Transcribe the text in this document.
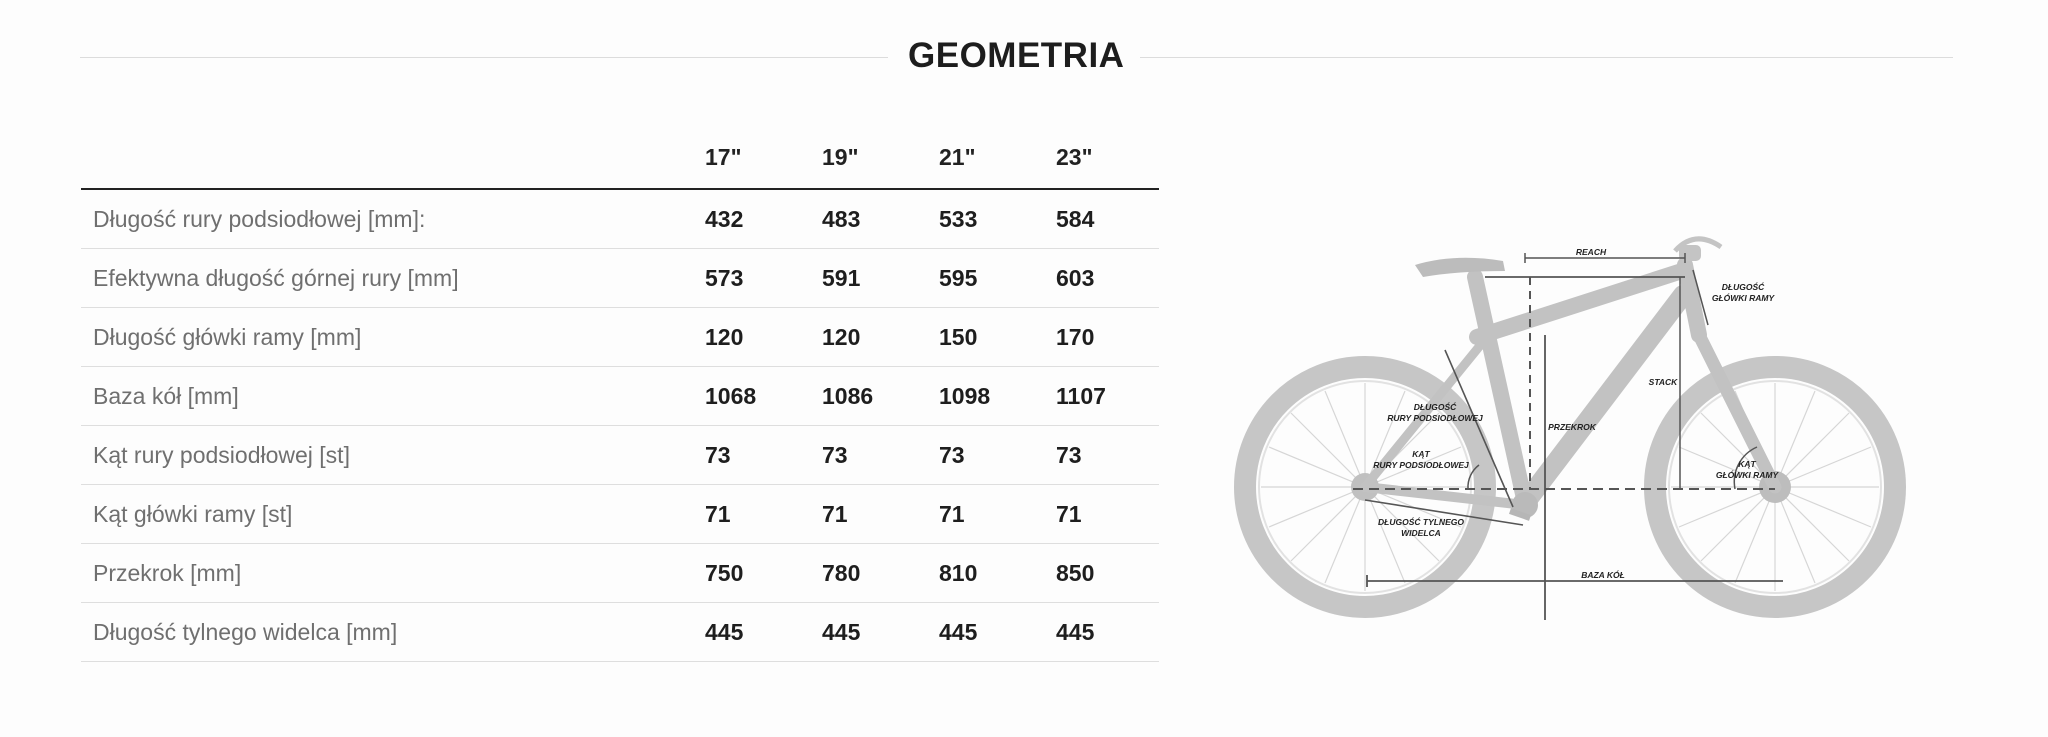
GEOMETRIA
17"	19"	21"	23"
Długość rury podsiodłowej [mm]:	432	483	533	584
Efektywna długość górnej rury [mm]	573	591	595	603
Długość główki ramy [mm]	120	120	150	170
Baza kół [mm]	1068	1086	1098	1107
Kąt rury podsiodłowej [st]	73	73	73	73
Kąt główki ramy [st]	71	71	71	71
Przekrok [mm]	750	780	810	850
Długość tylnego widelca [mm]	445	445	445	445
REACH
DŁUGOŚĆ
GŁÓWKI RAMY
STACK
DŁUGOŚĆ
RURY PODSIODŁOWEJ
PRZEKROK
KĄT
RURY PODSIODŁOWEJ	KĄT
GŁÓWKI RAMY
DŁUGOŚĆ TYLNEGO
WIDELCA
BAZA KÓŁ
